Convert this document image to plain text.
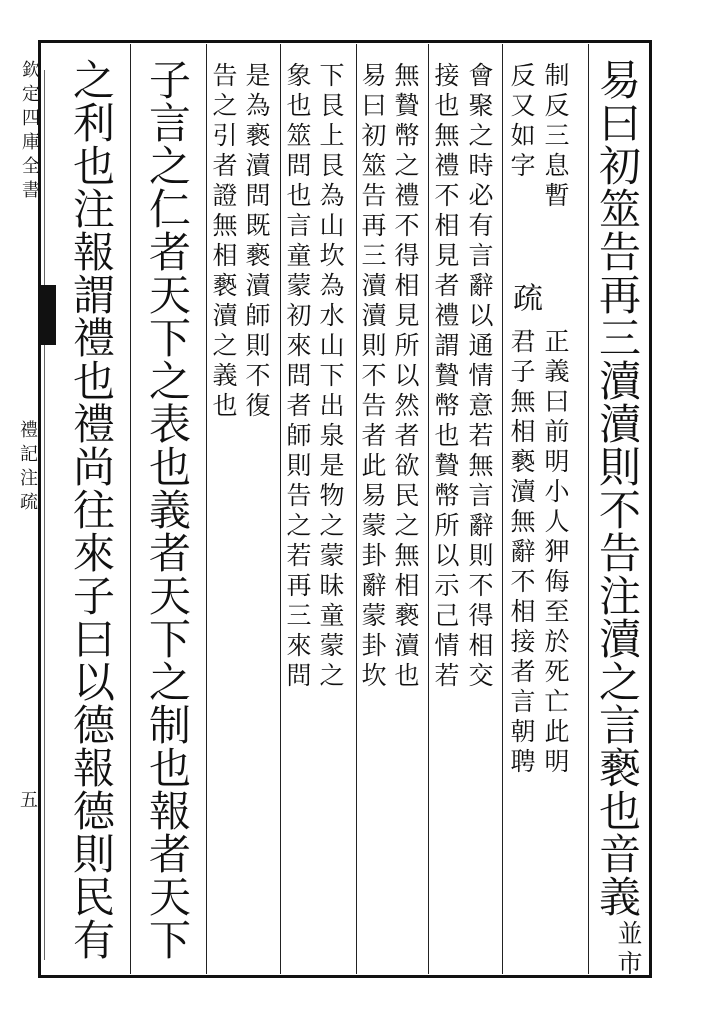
欽定四庫全書
禮記注疏
五	易曰初筮告再三瀆瀆則不告注瀆之言褻也音義
並市
制反三息暫
反又如字
疏
正義曰前明小人狎侮至於死亡此明
君子無相褻瀆無辭不相接者言朝聘
會聚之時必有言辭以通情意若無言辭則不得相交
接也無禮不相見者禮謂贄幣也贄幣所以示己情若
無贄幣之禮不得相見所以然者欲民之無相褻瀆也
易曰初筮告再三瀆瀆則不告者此易蒙卦辭蒙卦坎
下艮上艮為山坎為水山下出泉是物之蒙昧童蒙之
象也筮問也言童蒙初來問者師則告之若再三來問
是為褻瀆問既褻瀆師則不復
告之引者證無相褻瀆之義也
子言之仁者天下之表也義者天下之制也報者天下
之利也注報謂禮也禮尚往來子曰以德報德則民有
